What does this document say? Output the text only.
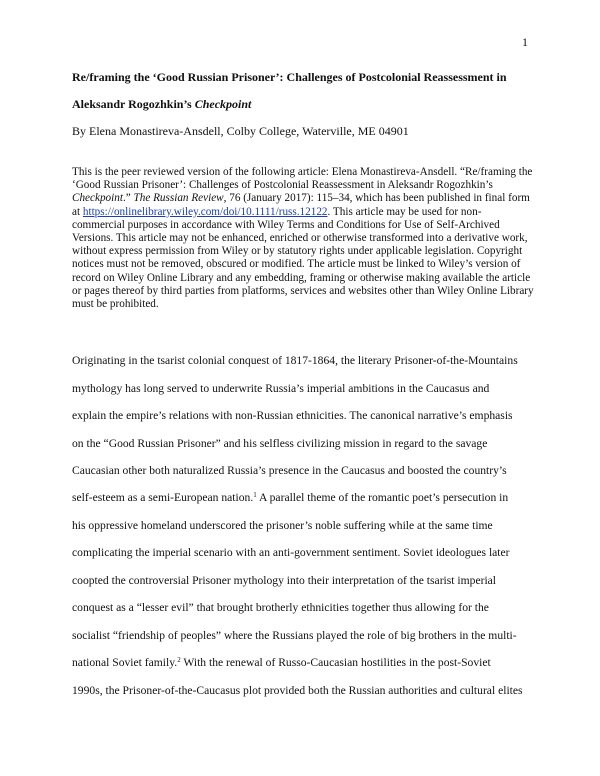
1
Re/framing the ‘Good Russian Prisoner’: Challenges of Postcolonial Reassessment in
Aleksandr Rogozhkin’s Checkpoint
By Elena Monastireva-Ansdell, Colby College, Waterville, ME 04901
This is the peer reviewed version of the following article: Elena Monastireva-Ansdell. “Re/framing the ‘Good Russian Prisoner’: Challenges of Postcolonial Reassessment in Aleksandr Rogozhkin’s Checkpoint.” The Russian Review, 76 (January 2017): 115–34, which has been published in final form at https://onlinelibrary.wiley.com/doi/10.1111/russ.12122. This article may be used for non-commercial purposes in accordance with Wiley Terms and Conditions for Use of Self-Archived Versions. This article may not be enhanced, enriched or otherwise transformed into a derivative work, without express permission from Wiley or by statutory rights under applicable legislation. Copyright notices must not be removed, obscured or modified. The article must be linked to Wiley’s version of record on Wiley Online Library and any embedding, framing or otherwise making available the article or pages thereof by third parties from platforms, services and websites other than Wiley Online Library must be prohibited.
Originating in the tsarist colonial conquest of 1817-1864, the literary Prisoner-of-the-Mountains
mythology has long served to underwrite Russia’s imperial ambitions in the Caucasus and
explain the empire’s relations with non-Russian ethnicities. The canonical narrative’s emphasis
on the “Good Russian Prisoner” and his selfless civilizing mission in regard to the savage
Caucasian other both naturalized Russia’s presence in the Caucasus and boosted the country’s
self-esteem as a semi-European nation.$^1$ A parallel theme of the romantic poet’s persecution in
his oppressive homeland underscored the prisoner’s noble suffering while at the same time
complicating the imperial scenario with an anti-government sentiment. Soviet ideologues later
coopted the controversial Prisoner mythology into their interpretation of the tsarist imperial
conquest as a “lesser evil” that brought brotherly ethnicities together thus allowing for the
socialist “friendship of peoples” where the Russians played the role of big brothers in the multi-
national Soviet family.$^2$ With the renewal of Russo-Caucasian hostilities in the post-Soviet
1990s, the Prisoner-of-the-Caucasus plot provided both the Russian authorities and cultural elites
